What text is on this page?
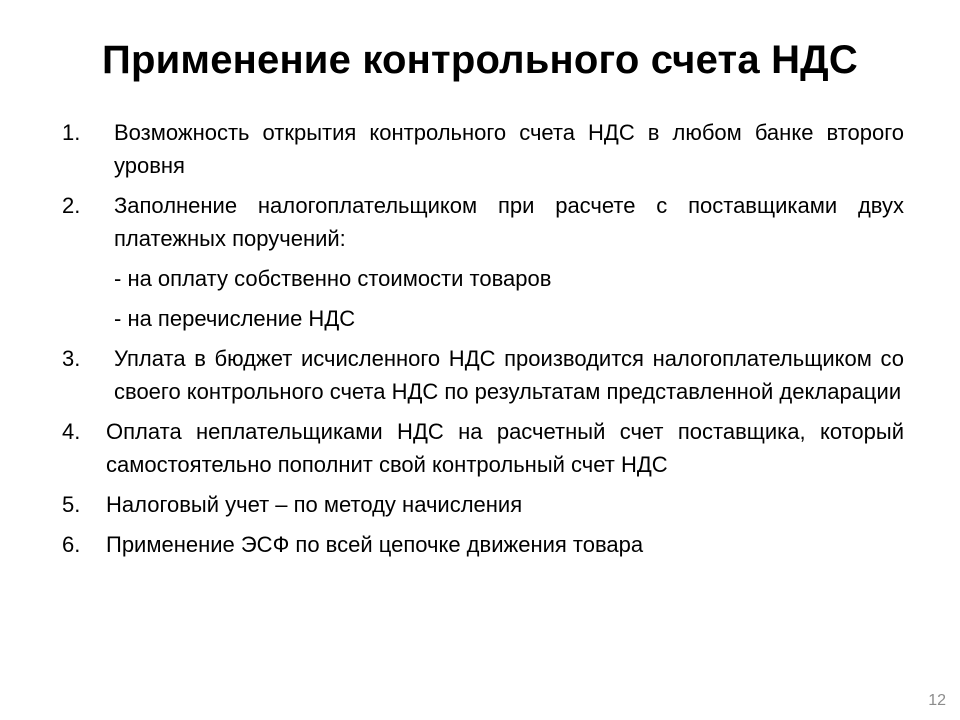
Применение контрольного счета НДС
1. Возможность открытия контрольного счета НДС в любом банке второго уровня
2. Заполнение налогоплательщиком при расчете с поставщиками двух платежных поручений:
- на оплату собственно стоимости товаров
- на перечисление НДС
3. Уплата в бюджет исчисленного НДС производится налогоплательщиком со своего контрольного счета НДС по результатам представленной декларации
4. Оплата неплательщиками НДС на расчетный счет поставщика, который самостоятельно пополнит свой контрольный счет НДС
5. Налоговый учет – по методу начисления
6. Применение ЭСФ по всей цепочке движения товара
12
